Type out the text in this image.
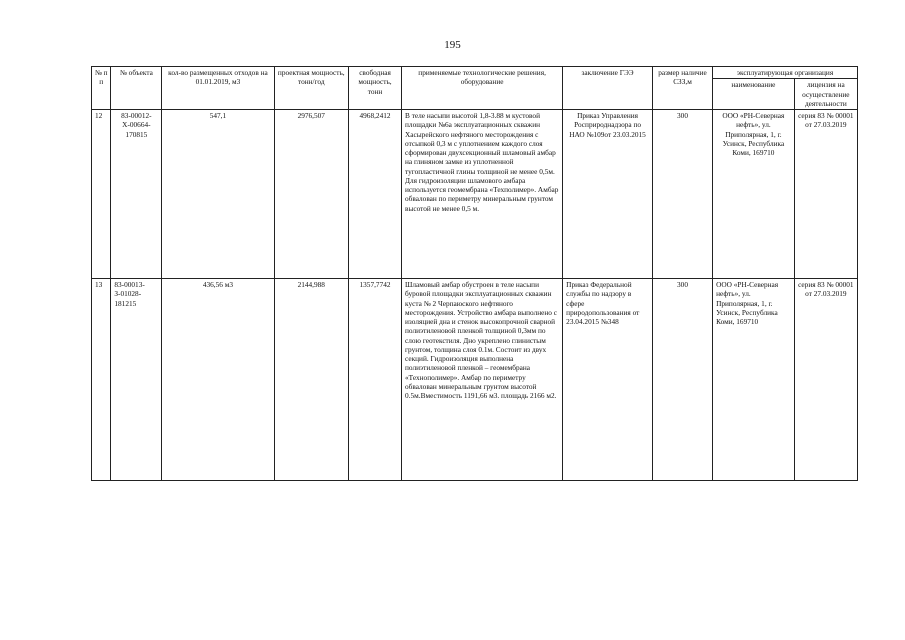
195
№ п п	№ объекта	кол-во размещенных отходов на 01.01.2019, м3	проектная мощность, тонн/год	свободная мощность, тонн	применяемые технологические решения, оборудование	заключение ГЭЭ	размер наличие СЗЗ,м	эксплуатирующая организация	
								наименование	лицензия на осуществление деятельности
12	83-00012-Х-00664-170815	547,1	2976,507	4968,2412	В теле насыпи высотой 1,8-3.88 м кустовой площадки №6а эксплуатационных скважин Хасырейского нефтяного месторождения с отсыпкой 0,3 м с уплотнением каждого слоя сформирован двухсекционный шламовый амбар на глиняном замке из уплотненной тугопластичной глины толщиной не менее 0,5м. Для гидроизоляции шламового амбара используется геомембрана «Техполимер». Амбар обвалован по периметру минеральным грунтом высотой не менее 0,5 м.	Приказ Управления Росприроднадзора по НАО №109от 23.03.2015	300	ООО «РН-Северная нефть», ул. Приполярная, 1, г. Усинск, Республика Коми, 169710	серия 83 № 00001 от 27.03.2019
13	83-00013-З-01028-181215	436,56 м3	2144,988	1357,7742	Шламовый амбар обустроен в теле насыпи буровой площадки эксплуатационных скважин куста № 2 Черпаюского нефтяного месторождения. Устройство амбара выполнено с изоляцией дна и стенок высокопрочной сварной полиэтиленовой пленкой толщиной 0,3мм по слою геотекстиля. Дно укреплено глинистым грунтом, толщина слоя 0.1м. Состоит из двух секций. Гидроизоляция выполнена полиэтиленовой пленкой – геомембрана «Технополимер». Амбар по периметру обвалован минеральным грунтом высотой 0.5м.Вместимость 1191,66 м3. площадь 2166 м2.	Приказ Федеральной службы по надзору в сфере природопользования от 23.04.2015 №348	300	ООО «РН-Северная нефть», ул. Приполярная, 1, г. Усинск, Республика Коми, 169710	серия 83 № 00001 от 27.03.2019
